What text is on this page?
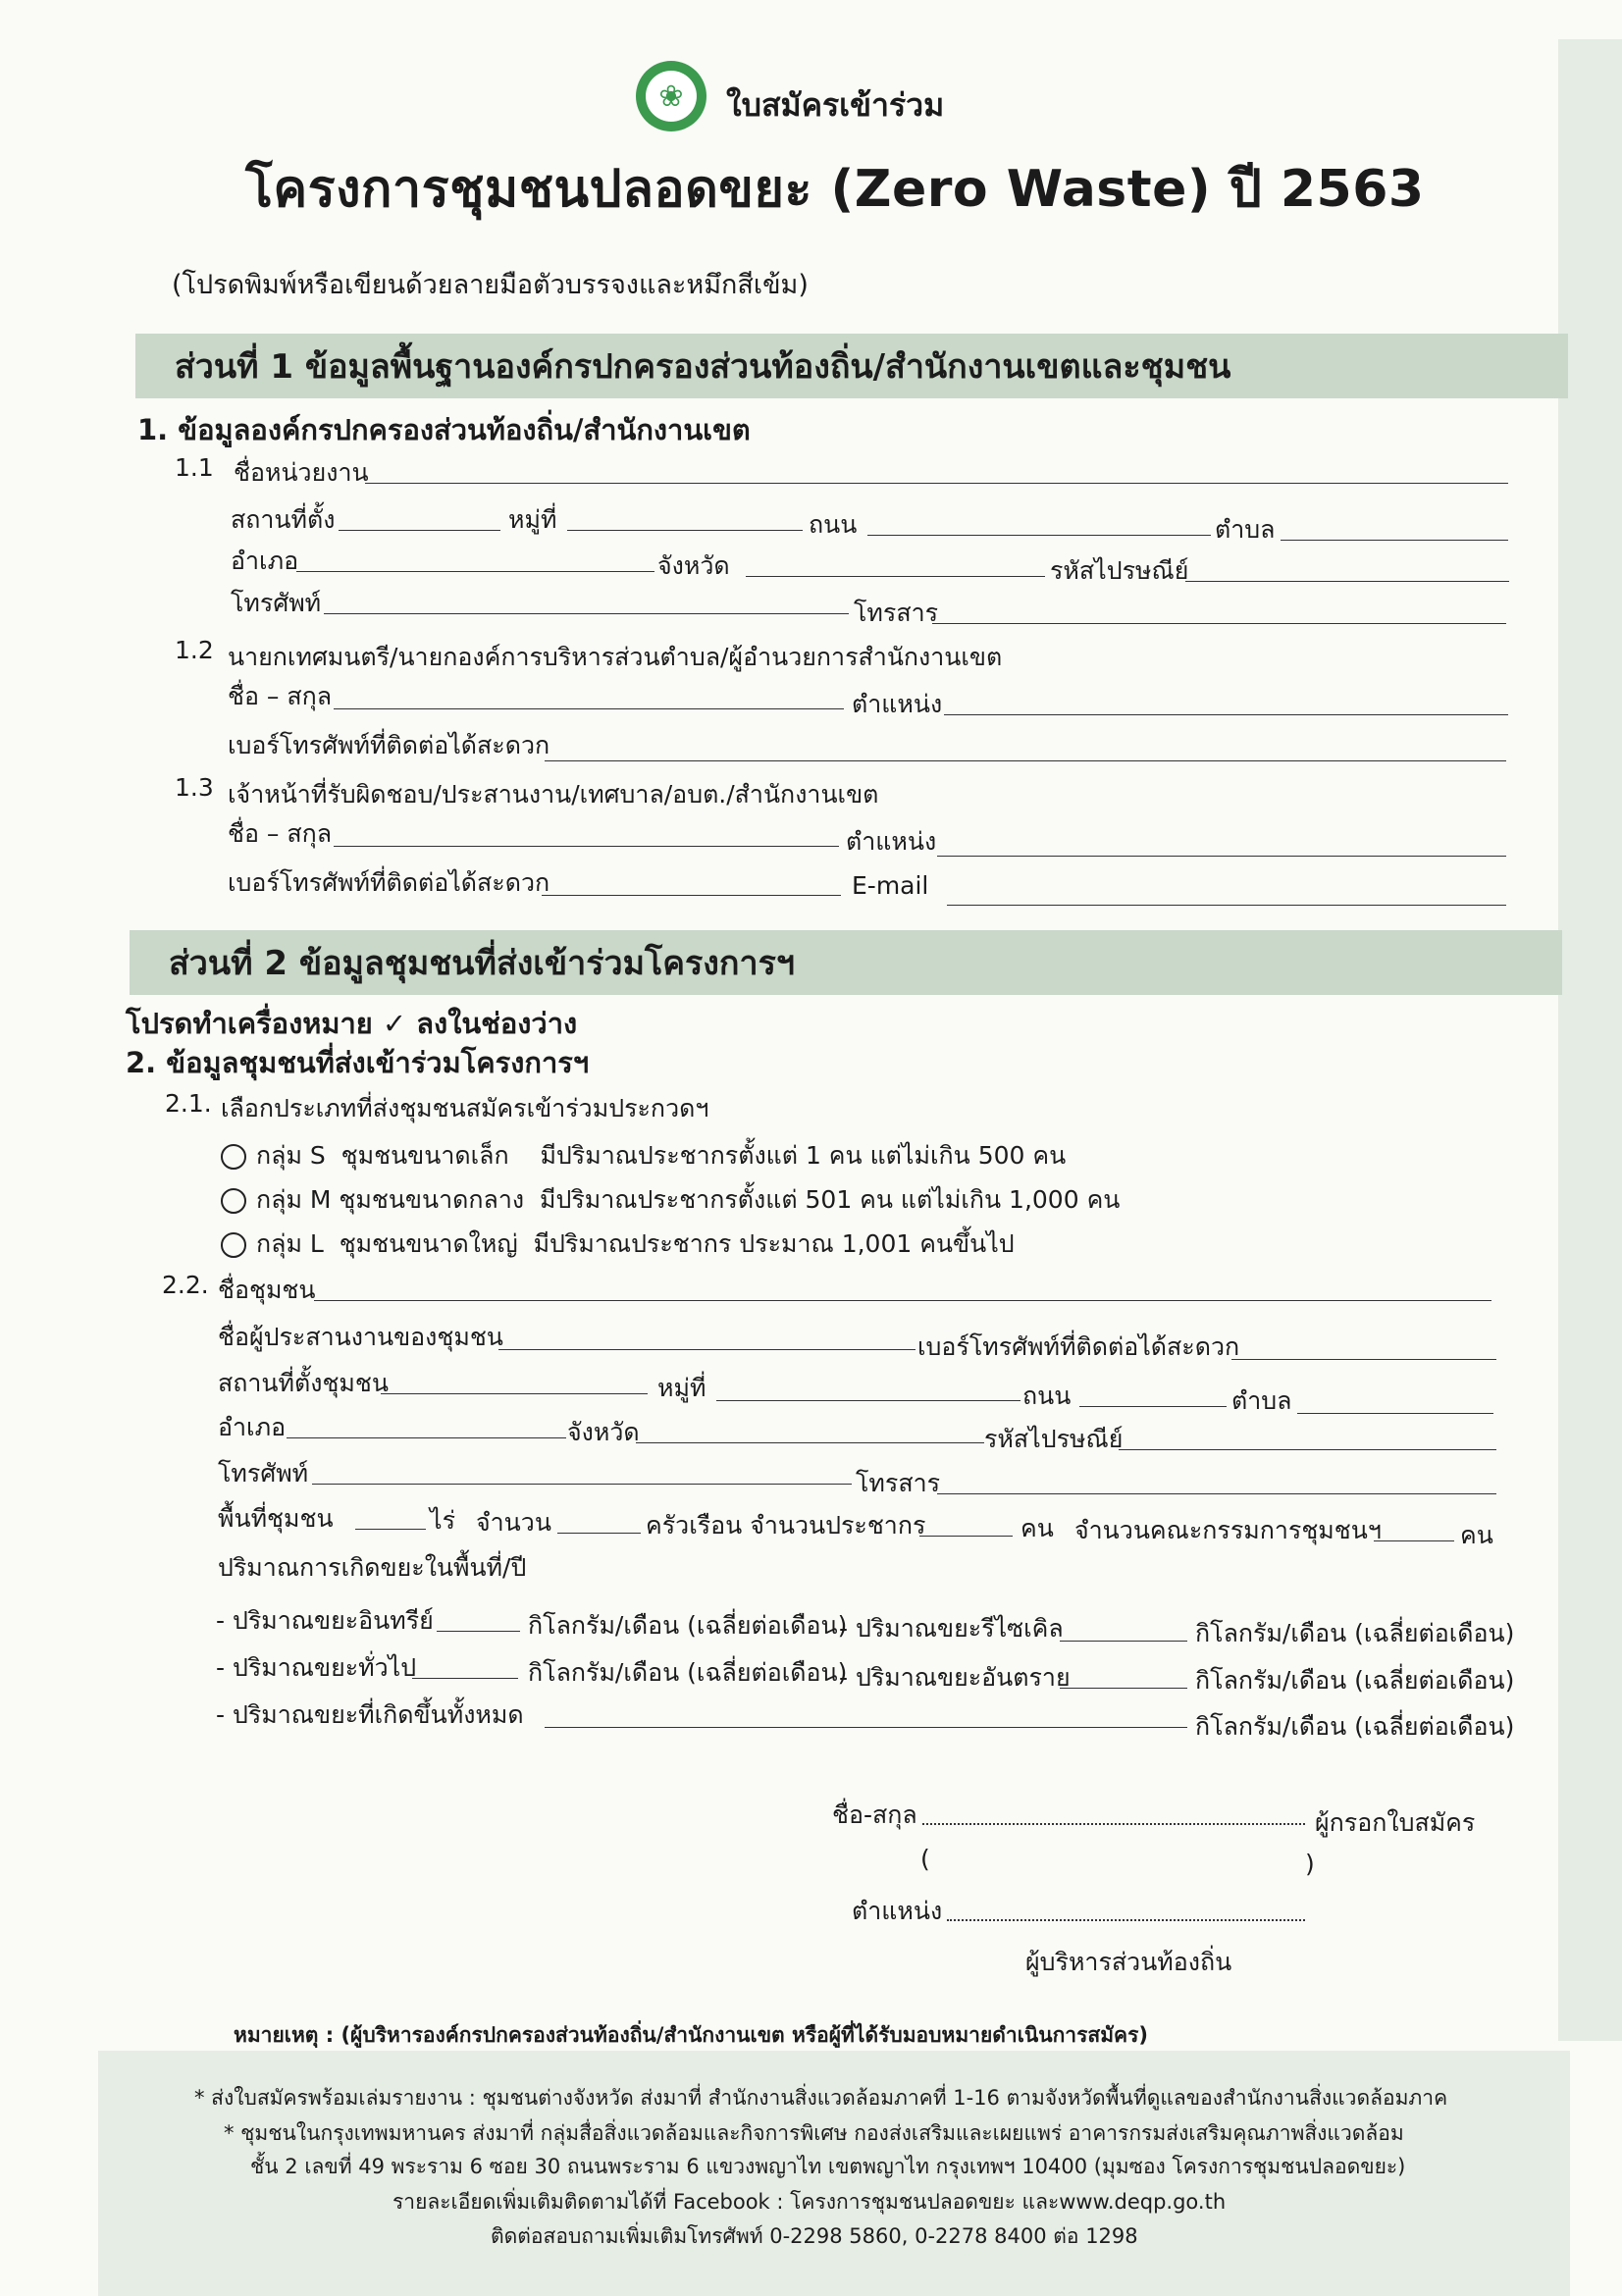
❀	ใบสมัครเข้าร่วม
โครงการชุมชนปลอดขยะ (Zero Waste) ปี 2563
(โปรดพิมพ์หรือเขียนด้วยลายมือตัวบรรจงและหมึกสีเข้ม)
ส่วนที่ 1 ข้อมูลพื้นฐานองค์กรปกครองส่วนท้องถิ่น/สำนักงานเขตและชุมชน
1. ข้อมูลองค์กรปกครองส่วนท้องถิ่น/สำนักงานเขต
1.1 ชื่อหน่วยงาน
สถานที่ตั้ง	หมู่ที่	ถนน	ตำบล
อำเภอ	จังหวัด	รหัสไปรษณีย์
โทรศัพท์	โทรสาร
1.2 นายกเทศมนตรี/นายกองค์การบริหารส่วนตำบล/ผู้อำนวยการสำนักงานเขต
ชื่อ – สกุล	ตำแหน่ง
เบอร์โทรศัพท์ที่ติดต่อได้สะดวก
1.3 เจ้าหน้าที่รับผิดชอบ/ประสานงาน/เทศบาล/อบต./สำนักงานเขต
ชื่อ – สกุล	ตำแหน่ง
เบอร์โทรศัพท์ที่ติดต่อได้สะดวก	E-mail
ส่วนที่ 2 ข้อมูลชุมชนที่ส่งเข้าร่วมโครงการฯ
โปรดทำเครื่องหมาย ✓ ลงในช่องว่าง
2. ข้อมูลชุมชนที่ส่งเข้าร่วมโครงการฯ
2.1. เลือกประเภทที่ส่งชุมชนสมัครเข้าร่วมประกวดฯ
กลุ่ม S ชุมชนขนาดเล็ก มีปริมาณประชากรตั้งแต่ 1 คน แต่ไม่เกิน 500 คน
กลุ่ม M ชุมชนขนาดกลาง มีปริมาณประชากรตั้งแต่ 501 คน แต่ไม่เกิน 1,000 คน
กลุ่ม L ชุมชนขนาดใหญ่ มีปริมาณประชากร ประมาณ 1,001 คนขึ้นไป
2.2. ชื่อชุมชน
ชื่อผู้ประสานงานของชุมชน	เบอร์โทรศัพท์ที่ติดต่อได้สะดวก
สถานที่ตั้งชุมชน	หมู่ที่	ถนน	ตำบล
อำเภอ	จังหวัด	รหัสไปรษณีย์
โทรศัพท์	โทรสาร
พื้นที่ชุมชน	ไร่ จำนวน	ครัวเรือน จำนวนประชากร	คน จำนวนคณะกรรมการชุมชนฯ	คน
ปริมาณการเกิดขยะในพื้นที่/ปี
- ปริมาณขยะอินทรีย์	กิโลกรัม/เดือน (เฉลี่ยต่อเดือน)
- ปริมาณขยะรีไซเคิล	กิโลกรัม/เดือน (เฉลี่ยต่อเดือน)
- ปริมาณขยะทั่วไป	กิโลกรัม/เดือน (เฉลี่ยต่อเดือน)
- ปริมาณขยะอันตราย	กิโลกรัม/เดือน (เฉลี่ยต่อเดือน)
- ปริมาณขยะที่เกิดขึ้นทั้งหมด	กิโลกรัม/เดือน (เฉลี่ยต่อเดือน)
ชื่อ-สกุล	ผู้กรอกใบสมัคร
(	)
ตำแหน่ง
ผู้บริหารส่วนท้องถิ่น
หมายเหตุ : (ผู้บริหารองค์กรปกครองส่วนท้องถิ่น/สำนักงานเขต หรือผู้ที่ได้รับมอบหมายดำเนินการสมัคร)
* ส่งใบสมัครพร้อมเล่มรายงาน : ชุมชนต่างจังหวัด ส่งมาที่ สำนักงานสิ่งแวดล้อมภาคที่ 1-16 ตามจังหวัดพื้นที่ดูแลของสำนักงานสิ่งแวดล้อมภาค
* ชุมชนในกรุงเทพมหานคร ส่งมาที่ กลุ่มสื่อสิ่งแวดล้อมและกิจการพิเศษ กองส่งเสริมและเผยแพร่ อาคารกรมส่งเสริมคุณภาพสิ่งแวดล้อม
ชั้น 2 เลขที่ 49 พระราม 6 ซอย 30 ถนนพระราม 6 แขวงพญาไท เขตพญาไท กรุงเทพฯ 10400 (มุมซอง โครงการชุมชนปลอดขยะ)
รายละเอียดเพิ่มเติมติดตามได้ที่ Facebook : โครงการชุมชนปลอดขยะ และwww.deqp.go.th
ติดต่อสอบถามเพิ่มเติมโทรศัพท์ 0-2298 5860, 0-2278 8400 ต่อ 1298
